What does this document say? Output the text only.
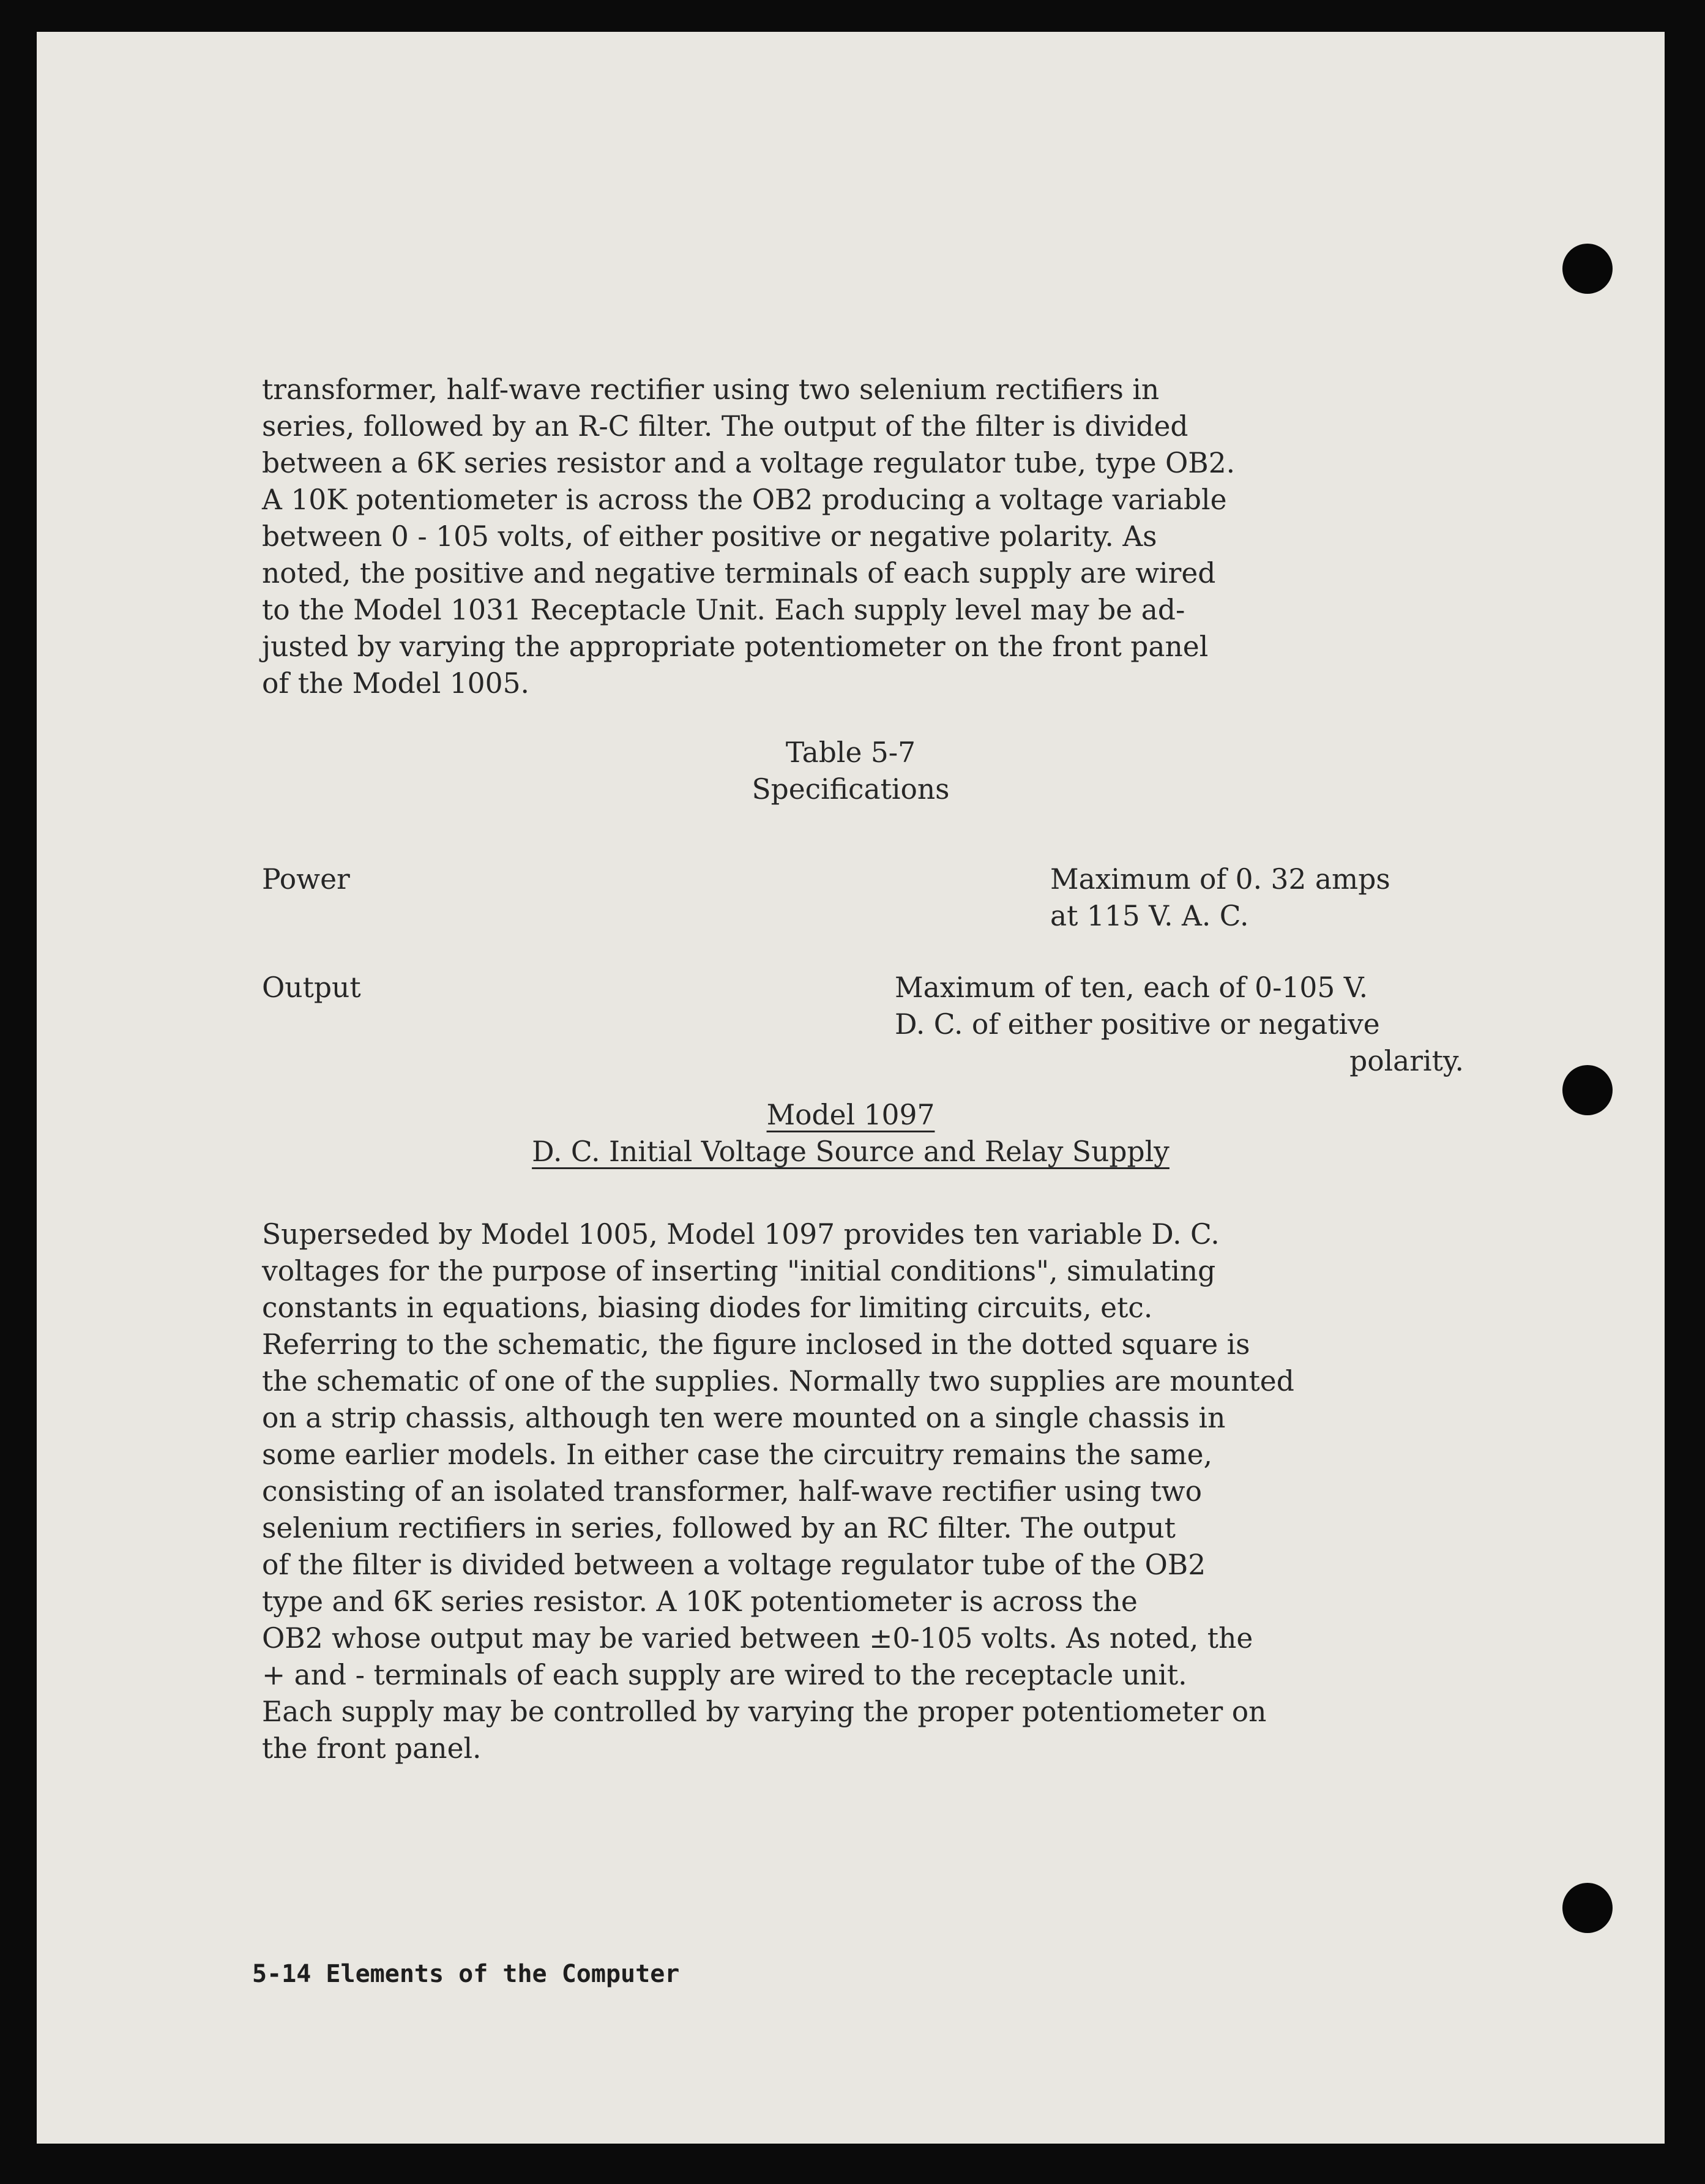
transformer, half-wave rectifier using two selenium rectifiers in
series, followed by an R-C filter. The output of the filter is divided
between a 6K series resistor and a voltage regulator tube, type OB2.
A 10K potentiometer is across the OB2 producing a voltage variable
between 0 - 105 volts, of either positive or negative polarity. As
noted, the positive and negative terminals of each supply are wired
to the Model 1031 Receptacle Unit. Each supply level may be ad-
justed by varying the appropriate potentiometer on the front panel
of the Model 1005.
Table 5-7
Specifications
Power	Maximum of 0. 32 amps
at 115 V. A. C.
Output	Maximum of ten, each of 0-105 V.
D. C. of either positive or negative
polarity.
Model 1097
D. C. Initial Voltage Source and Relay Supply
Superseded by Model 1005, Model 1097 provides ten variable D. C.
voltages for the purpose of inserting "initial conditions", simulating
constants in equations, biasing diodes for limiting circuits, etc.
Referring to the schematic, the figure inclosed in the dotted square is
the schematic of one of the supplies. Normally two supplies are mounted
on a strip chassis, although ten were mounted on a single chassis in
some earlier models. In either case the circuitry remains the same,
consisting of an isolated transformer, half-wave rectifier using two
selenium rectifiers in series, followed by an RC filter. The output
of the filter is divided between a voltage regulator tube of the OB2
type and 6K series resistor. A 10K potentiometer is across the
OB2 whose output may be varied between ±0-105 volts. As noted, the
+ and - terminals of each supply are wired to the receptacle unit.
Each supply may be controlled by varying the proper potentiometer on
the front panel.
5-14 Elements of the Computer
